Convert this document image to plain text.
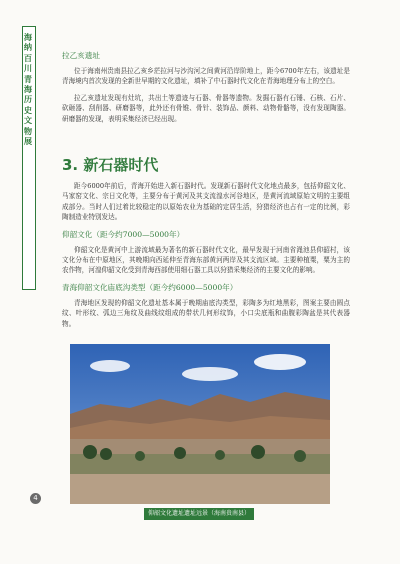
海纳百川 青海历史文物展
拉乙亥遗址

位于海南州贵南县拉乙亥乡茫拉河与沙沟河之间黄河沿岸阶地上，距今6700年左右，该遗址是青海境内首次发现的全新世早期的文化遗址，填补了中石器时代文化在青海地理分布上的空白。

拉乙亥遗址发现有灶坑，共出土等遗迹与石器、骨器等遗物。发掘石器有石锤、石核、石片、砍砸器、刮削器、研磨器等，此外还有骨锥、骨针、装饰品、颜料、动物骨骼等，没有发现陶器。研磨器的发现，表明采集经济已经出现。

3. 新石器时代

距今6000年前后，青海开始进入新石器时代。发现新石器时代文化地点最多，包括仰韶文化、马家窑文化、宗日文化等，主要分布于黄河及其支流湟水河谷地区，是黄河流域原始文明的主要组成部分。当时人们过着比较稳定的以原始农业为基础的定居生活，狩猎经济也占有一定的比例，彩陶制造业特别发达。

仰韶文化（距今约7000—5000年）

仰韶文化是黄河中上游流域最为著名的新石器时代文化，最早发现于河南省渑池县仰韶村，该文化分布在中原地区，其晚期向西延伸至青海东部黄河两岸及其支流区域。主要种植粟，粟为主的农作物，河湟仰韶文化受到青海西部使用细石器工具以狩猎采集经济的主要文化的影响。

青海仰韶文化庙底沟类型（距今约6000—5000年）

青海地区发现的仰韶文化遗址基本属于晚期庙底沟类型，彩陶多为红地黑彩，图案主要由圆点纹、叶形纹、弧边三角纹及曲线纹组成的带状几何形纹饰，小口尖底瓶和曲腹彩陶盆是其代表器物。

仰韶文化遗址遗址远景（海南贵南县）
4
